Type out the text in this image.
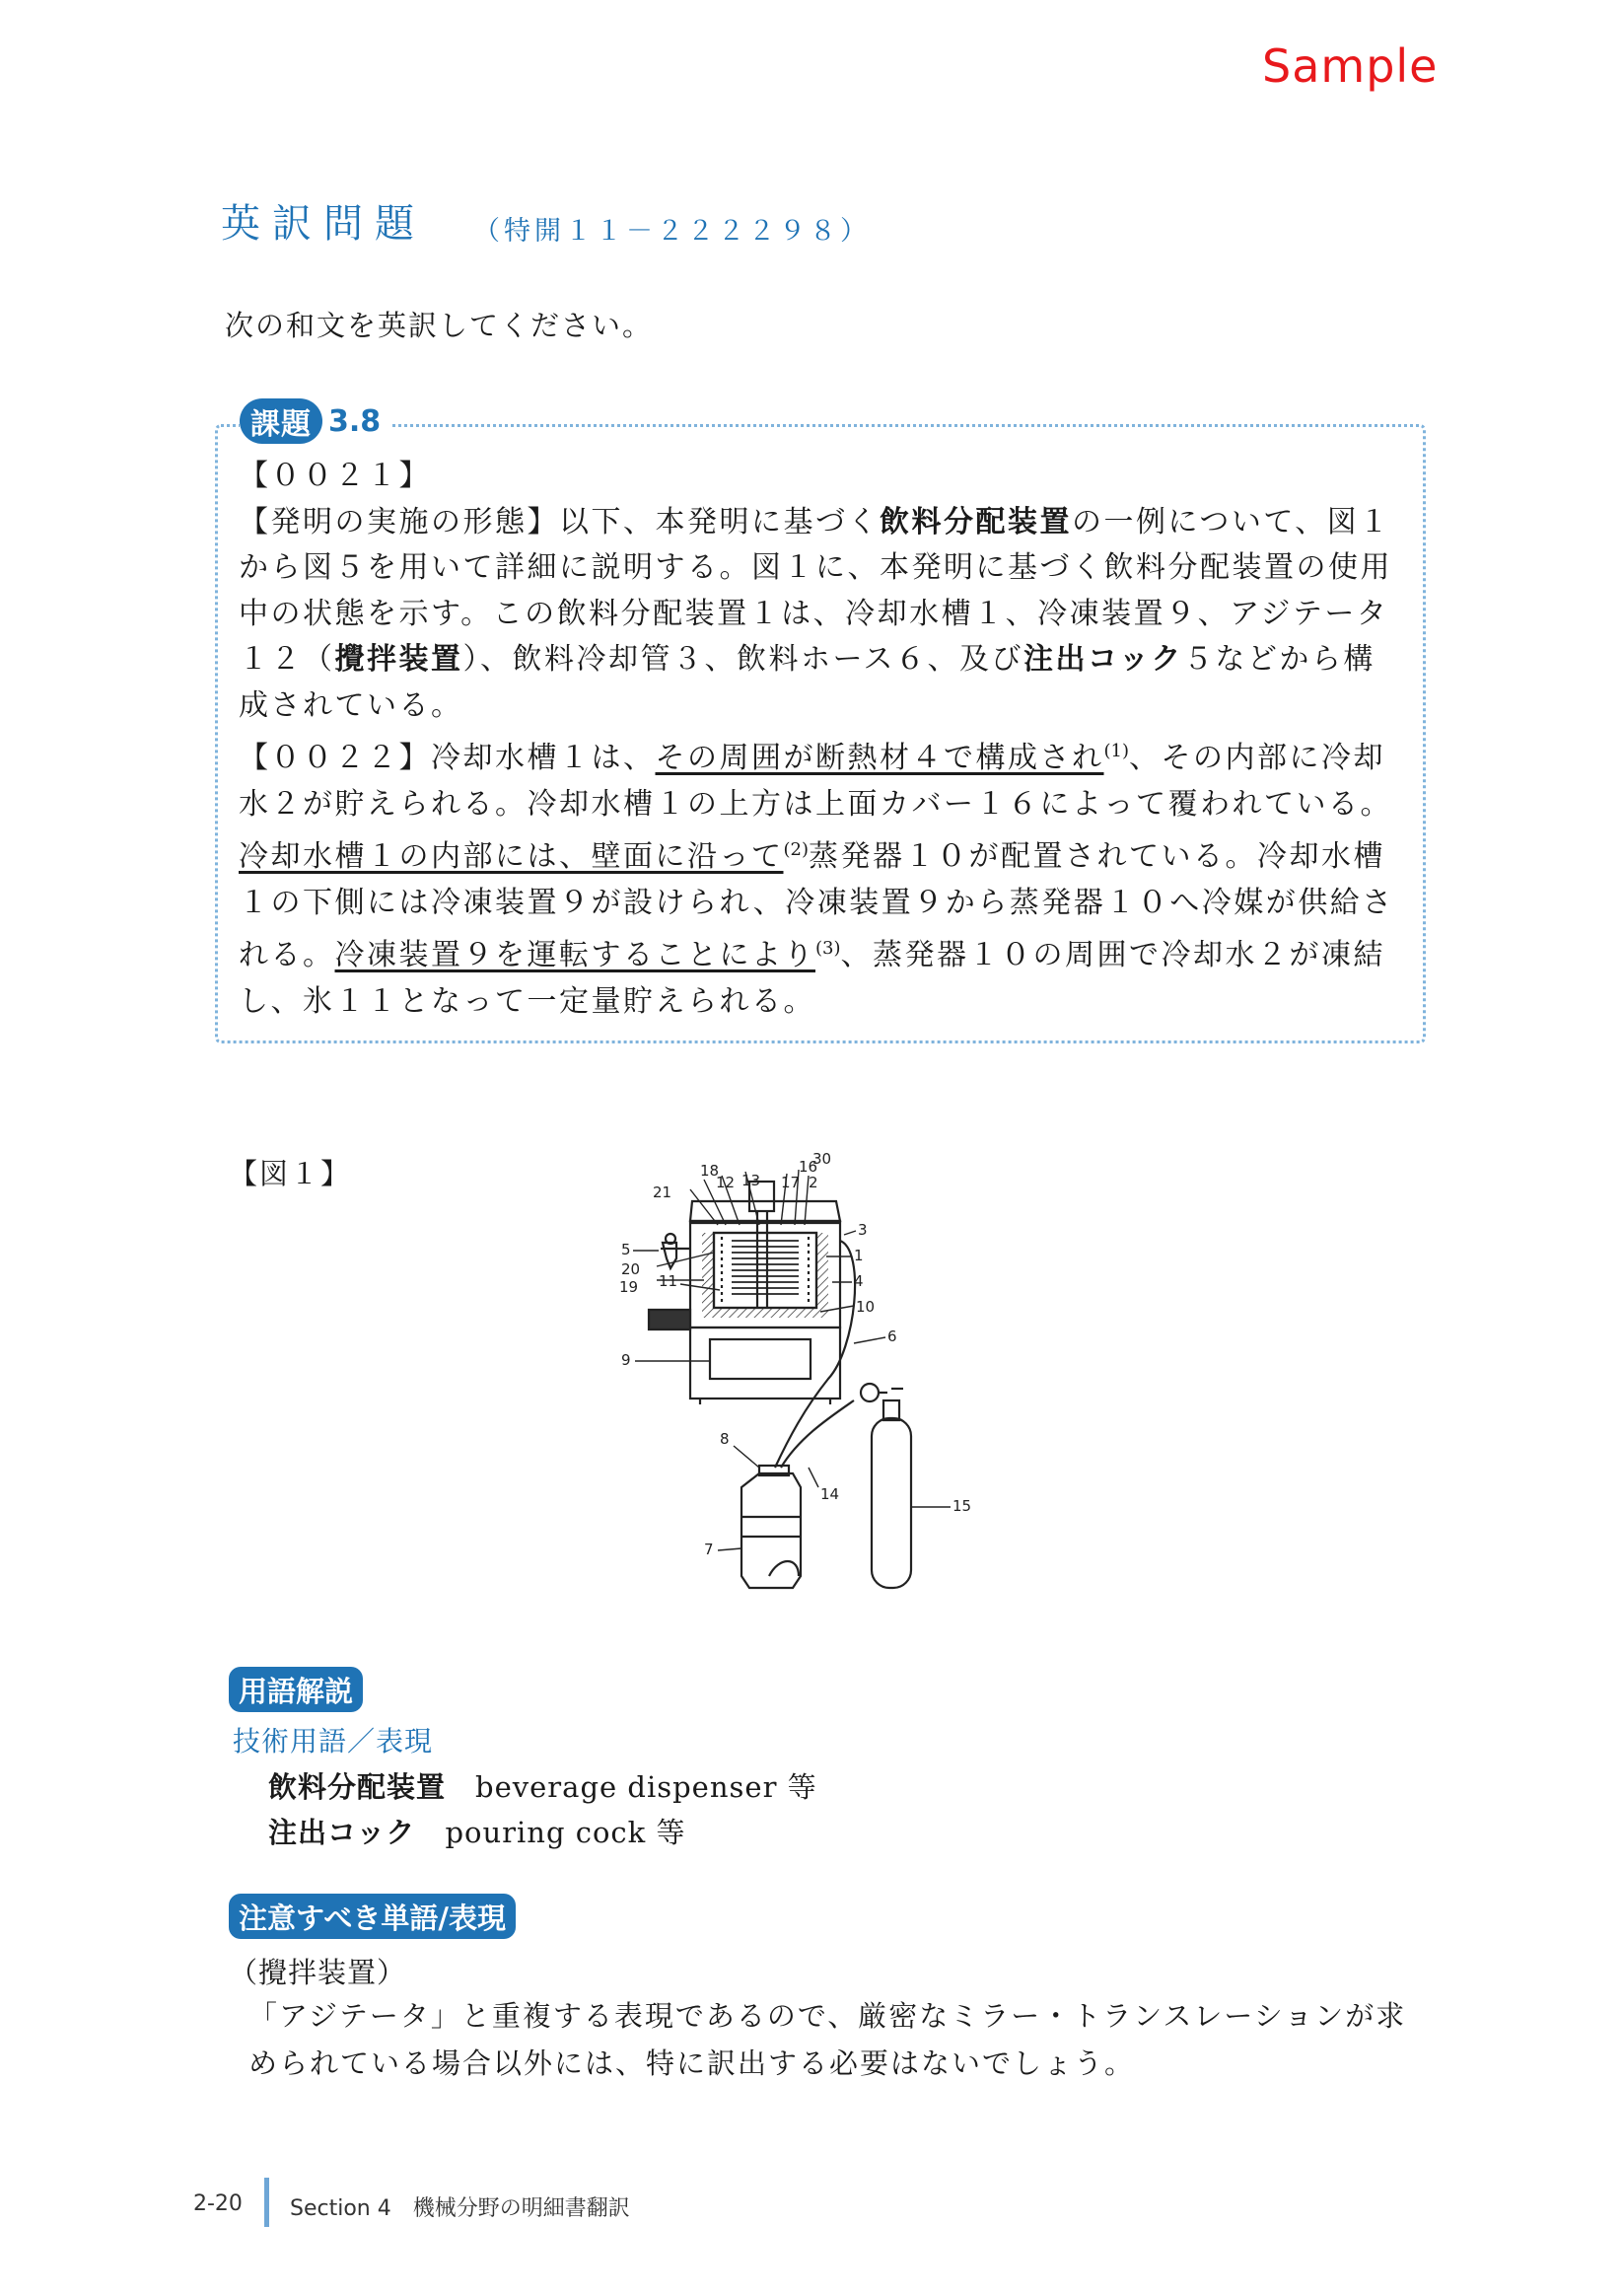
Sample
英訳問題 （特開１１－２２２２９８）
次の和文を英訳してください。
課題 3.8

【００２１】

【発明の実施の形態】以下、本発明に基づく飲料分配装置の一例について、図１から図５を用いて詳細に説明する。図１に、本発明に基づく飲料分配装置の使用中の状態を示す。この飲料分配装置１は、冷却水槽１、冷凍装置９、アジテータ１２（攪拌装置）、飲料冷却管３、飲料ホース６、及び注出コック５などから構成されている。

【００２２】冷却水槽１は、その周囲が断熱材４で構成され$^{(1)}$、その内部に冷却水２が貯えられる。冷却水槽１の上方は上面カバー１６によって覆われている。冷却水槽１の内部には、壁面に沿って$^{(2)}$蒸発器１０が配置されている。冷却水槽１の下側には冷凍装置９が設けられ、冷凍装置９から蒸発器１０へ冷媒が供給される。冷凍装置９を運転することにより$^{(3)}$、蒸発器１０の周囲で冷却水２が凍結し、氷１１となって一定量貯えられる。

【図１】	30
18	16
12 13 17 2
21
5
3
1
20
19 11	4
10
9
6
8
14
7
15
用語解説
技術用語／表現
飲料分配装置　 beverage dispenser 等
注出コック　 pouring cock 等
注意すべき単語/表現
（攪拌装置）
「アジテータ」と重複する表現であるので、厳密なミラー・トランスレーションが求められている場合以外には、特に訳出する必要はないでしょう。
2-20 Section 4　機械分野の明細書翻訳
